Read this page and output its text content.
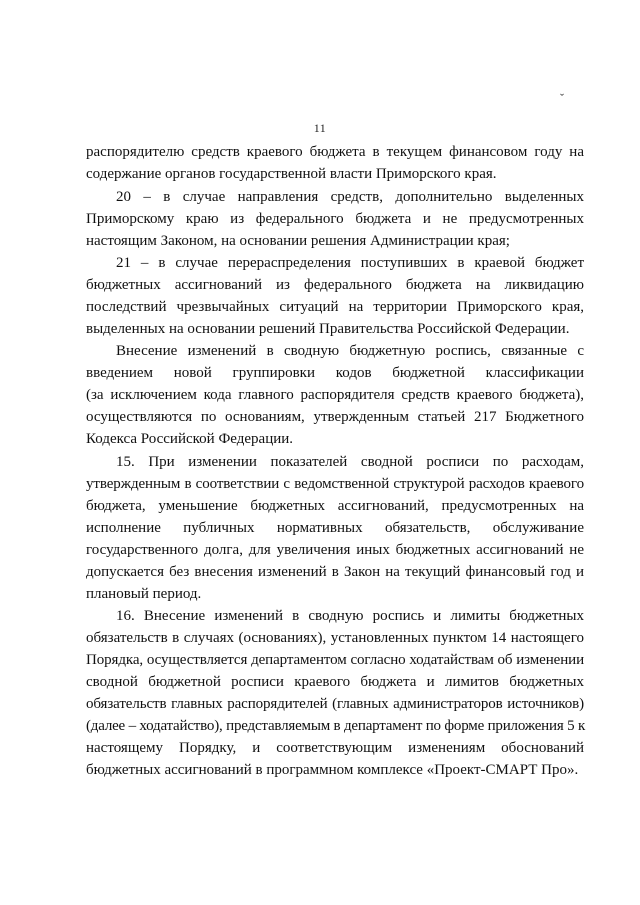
ˇ
11
распорядителю средств краевого бюджета в текущем финансовом году на
содержание органов государственной власти Приморского края.
20 – в случае направления средств, дополнительно выделенных
Приморскому краю из федерального бюджета и не предусмотренных
настоящим Законом, на основании решения Администрации края;
21 – в случае перераспределения поступивших в краевой бюджет
бюджетных ассигнований из федерального бюджета на ликвидацию
последствий чрезвычайных ситуаций на территории Приморского края,
выделенных на основании решений Правительства Российской Федерации.
Внесение изменений в сводную бюджетную роспись, связанные с
введением новой группировки кодов бюджетной классификации
(за исключением кода главного распорядителя средств краевого бюджета),
осуществляются по основаниям, утвержденным статьей 217 Бюджетного
Кодекса Российской Федерации.
15. При изменении показателей сводной росписи по расходам,
утвержденным в соответствии с ведомственной структурой расходов краевого
бюджета, уменьшение бюджетных ассигнований, предусмотренных на
исполнение публичных нормативных обязательств, обслуживание
государственного долга, для увеличения иных бюджетных ассигнований не
допускается без внесения изменений в Закон на текущий финансовый год и
плановый период.
16. Внесение изменений в сводную роспись и лимиты бюджетных
обязательств в случаях (основаниях), установленных пунктом 14 настоящего
Порядка, осуществляется департаментом согласно ходатайствам об изменении
сводной бюджетной росписи краевого бюджета и лимитов бюджетных
обязательств главных распорядителей (главных администраторов источников)
(далее – ходатайство), представляемым в департамент по форме приложения 5 к
настоящему Порядку, и соответствующим изменениям обоснований
бюджетных ассигнований в программном комплексе «Проект-СМАРТ Про».
